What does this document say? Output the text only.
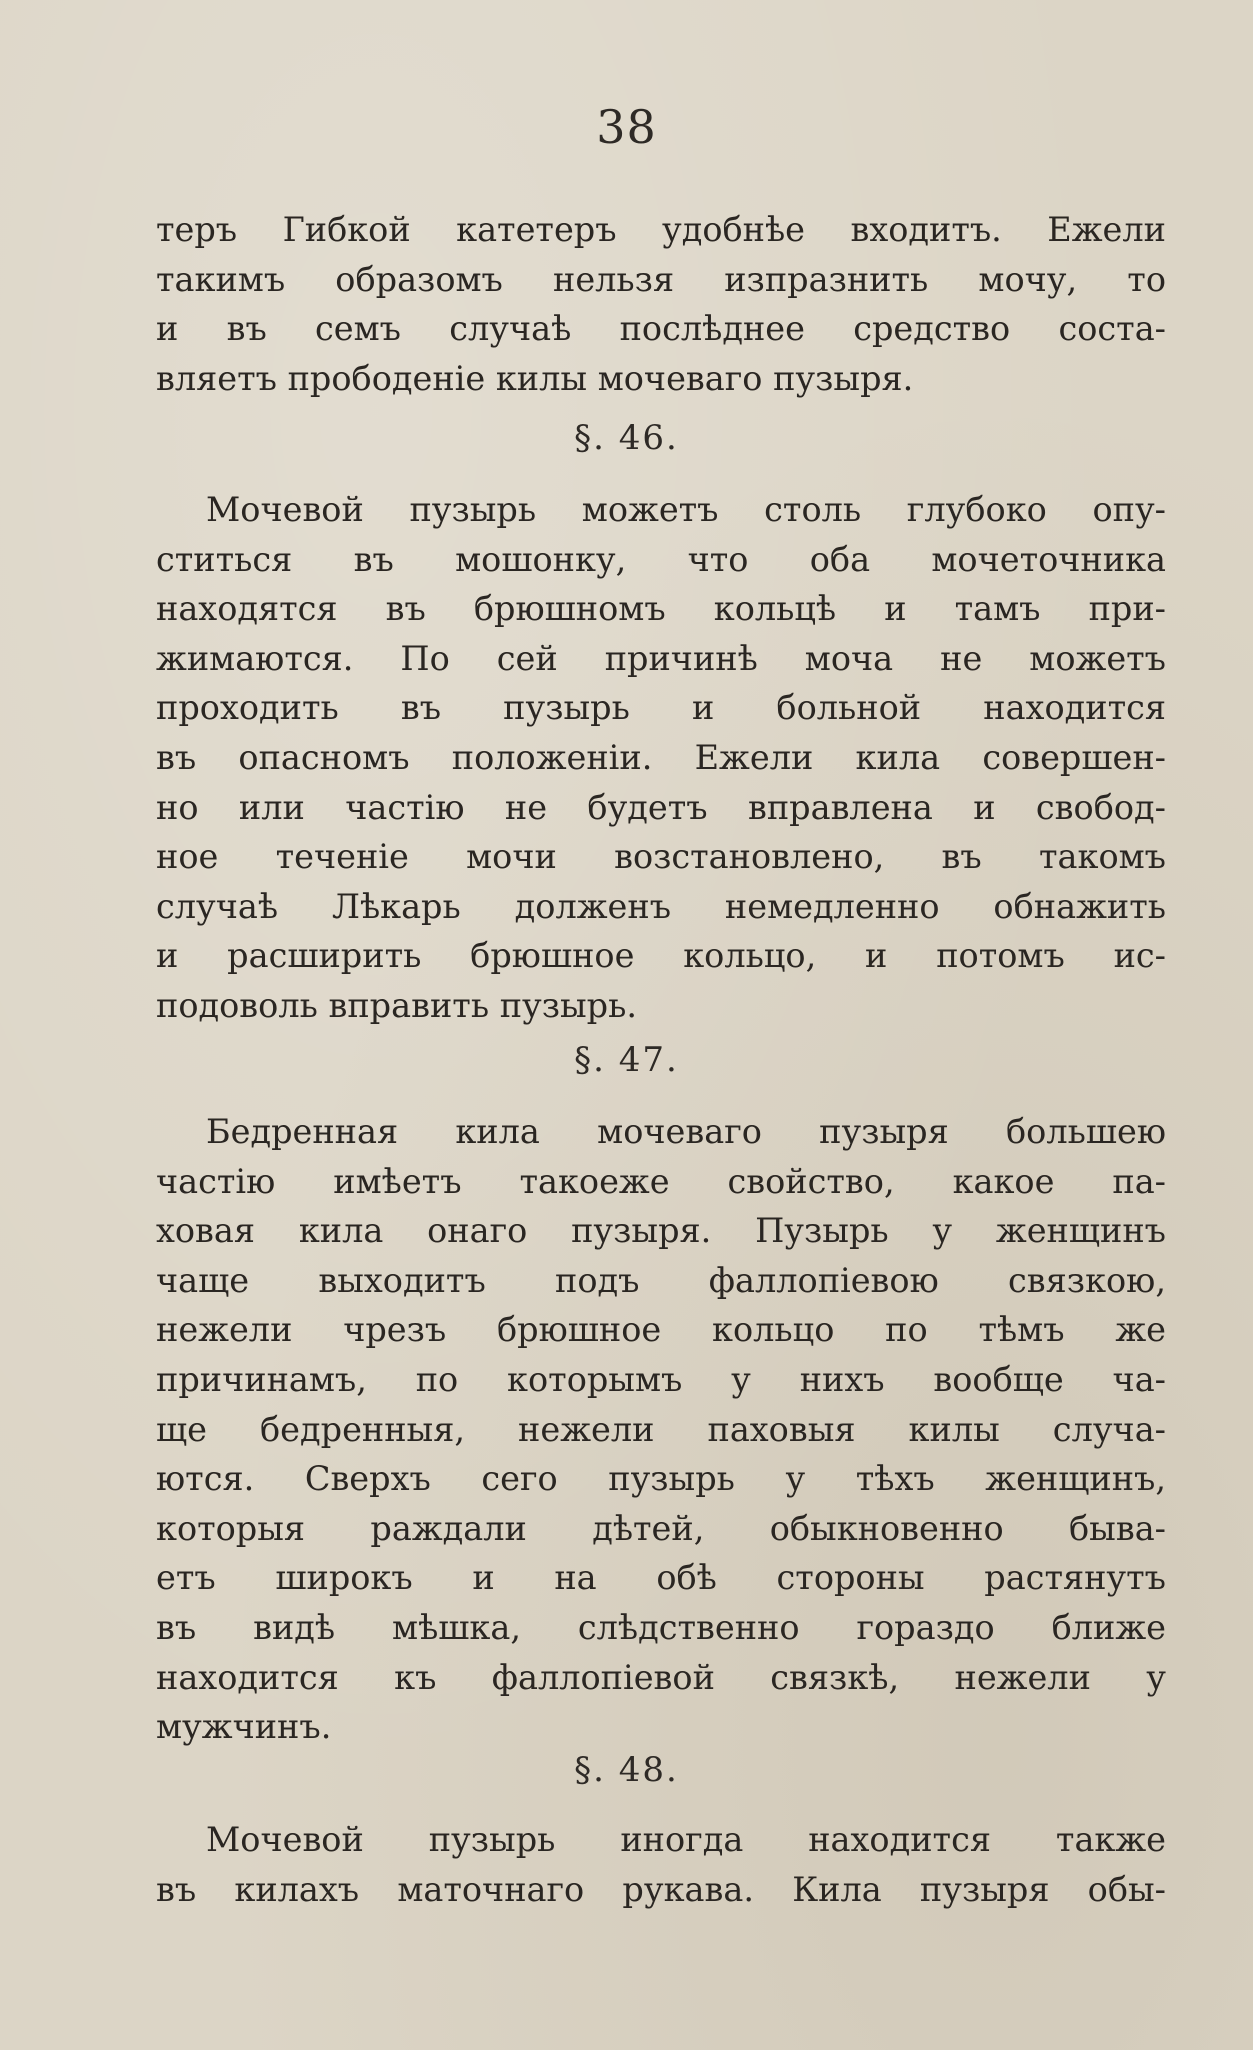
38
теръ Гибкой катетеръ удобнѣе входитъ. Ежели
такимъ образомъ нельзя изпразнить мочу, то
и въ семъ случаѣ послѣднее средство соста-
вляетъ прободенiе килы мочеваго пузыря.
§. 46.
Мочевой пузырь можетъ столь глубоко опу-
ститься въ мошонку, что оба мочеточника
находятся въ брюшномъ кольцѣ и тамъ при-
жимаются. По сей причинѣ моча не можетъ
проходить въ пузырь и больной находится
въ опасномъ положенiи. Ежели кила совершен-
но или частiю не будетъ вправлена и свобод-
ное теченiе мочи возстановлено, въ такомъ
случаѣ Лѣкарь долженъ немедленно обнажить
и расширить брюшное кольцо, и потомъ ис-
подоволь вправить пузырь.
§. 47.
Бедренная кила мочеваго пузыря большею
частiю имѣетъ такоеже свойство, какое па-
ховая кила онаго пузыря. Пузырь у женщинъ
чаще выходитъ подъ фаллопiевою связкою,
нежели чрезъ брюшное кольцо по тѣмъ же
причинамъ, по которымъ у нихъ вообще ча-
ще бедренныя, нежели паховыя килы случа-
ются. Сверхъ сего пузырь у тѣхъ женщинъ,
которыя раждали дѣтей, обыкновенно быва-
етъ широкъ и на обѣ стороны растянутъ
въ видѣ мѣшка, слѣдственно гораздо ближе
находится къ фаллопiевой связкѣ, нежели у
мужчинъ.
§. 48.
Мочевой пузырь иногда находится также
въ килахъ маточнаго рукава. Кила пузыря обы-
